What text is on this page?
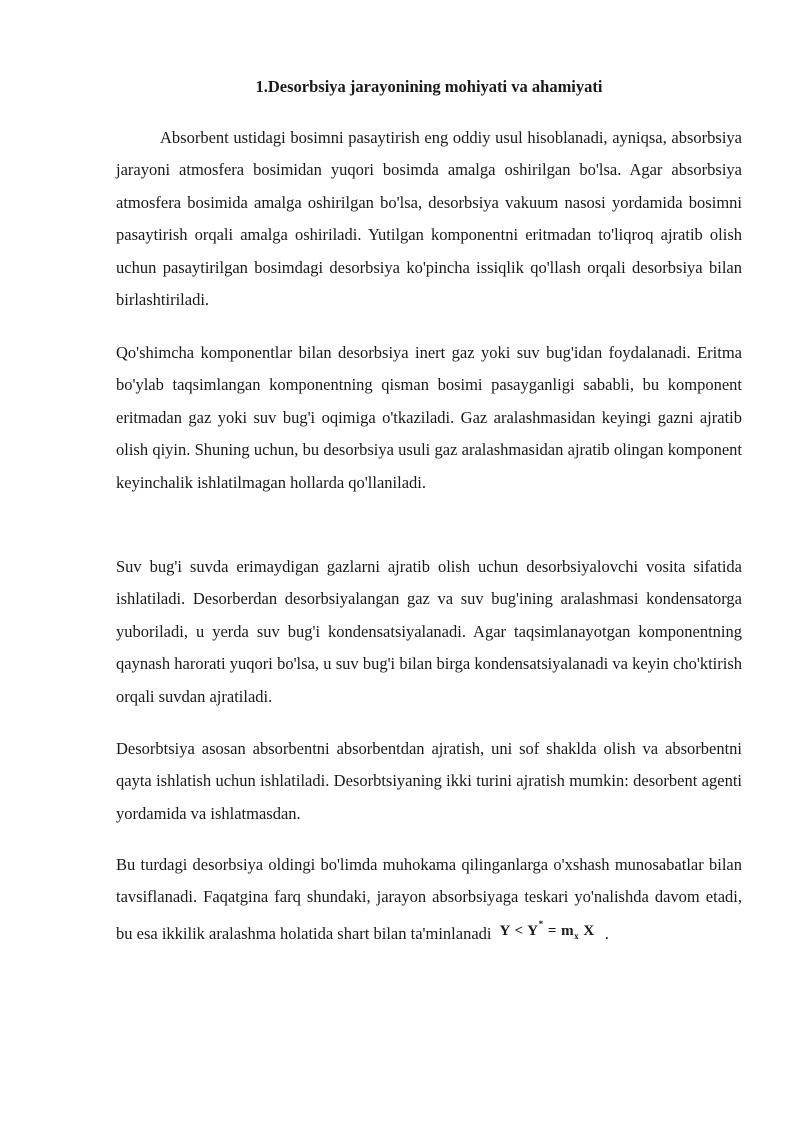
1.Desorbsiya jarayonining mohiyati va ahamiyati

Absorbent ustidagi bosimni pasaytirish eng oddiy usul hisoblanadi, ayniqsa, absorbsiya jarayoni atmosfera bosimidan yuqori bosimda amalga oshirilgan bo'lsa. Agar absorbsiya atmosfera bosimida amalga oshirilgan bo'lsa, desorbsiya vakuum nasosi yordamida bosimni pasaytirish orqali amalga oshiriladi. Yutilgan komponentni eritmadan to'liqroq ajratib olish uchun pasaytirilgan bosimdagi desorbsiya ko'pincha issiqlik qo'llash orqali desorbsiya bilan birlashtiriladi.

Qo'shimcha komponentlar bilan desorbsiya inert gaz yoki suv bug'idan foydalanadi. Eritma bo'ylab taqsimlangan komponentning qisman bosimi pasayganligi sababli, bu komponent eritmadan gaz yoki suv bug'i oqimiga o'tkaziladi. Gaz aralashmasidan keyingi gazni ajratib olish qiyin. Shuning uchun, bu desorbsiya usuli gaz aralashmasidan ajratib olingan komponent keyinchalik ishlatilmagan hollarda qo'llaniladi.

Suv bug'i suvda erimaydigan gazlarni ajratib olish uchun desorbsiyalovchi vosita sifatida ishlatiladi. Desorberdan desorbsiyalangan gaz va suv bug'ining aralashmasi kondensatorga yuboriladi, u yerda suv bug'i kondensatsiyalanadi. Agar taqsimlanayotgan komponentning qaynash harorati yuqori bo'lsa, u suv bug'i bilan birga kondensatsiyalanadi va keyin cho'ktirish orqali suvdan ajratiladi.

Desorbtsiya asosan absorbentni absorbentdan ajratish, uni sof shaklda olish va absorbentni qayta ishlatish uchun ishlatiladi. Desorbtsiyaning ikki turini ajratish mumkin: desorbent agenti yordamida va ishlatmasdan.

Bu turdagi desorbsiya oldingi bo'limda muhokama qilinganlarga o'xshash munosabatlar bilan tavsiflanadi. Faqatgina farq shundaki, jarayon absorbsiyaga teskari yo'nalishda davom etadi, bu esa ikkilik aralashma holatida shart bilan ta'minlanadi $Y < Y^* = m_x$ X .
